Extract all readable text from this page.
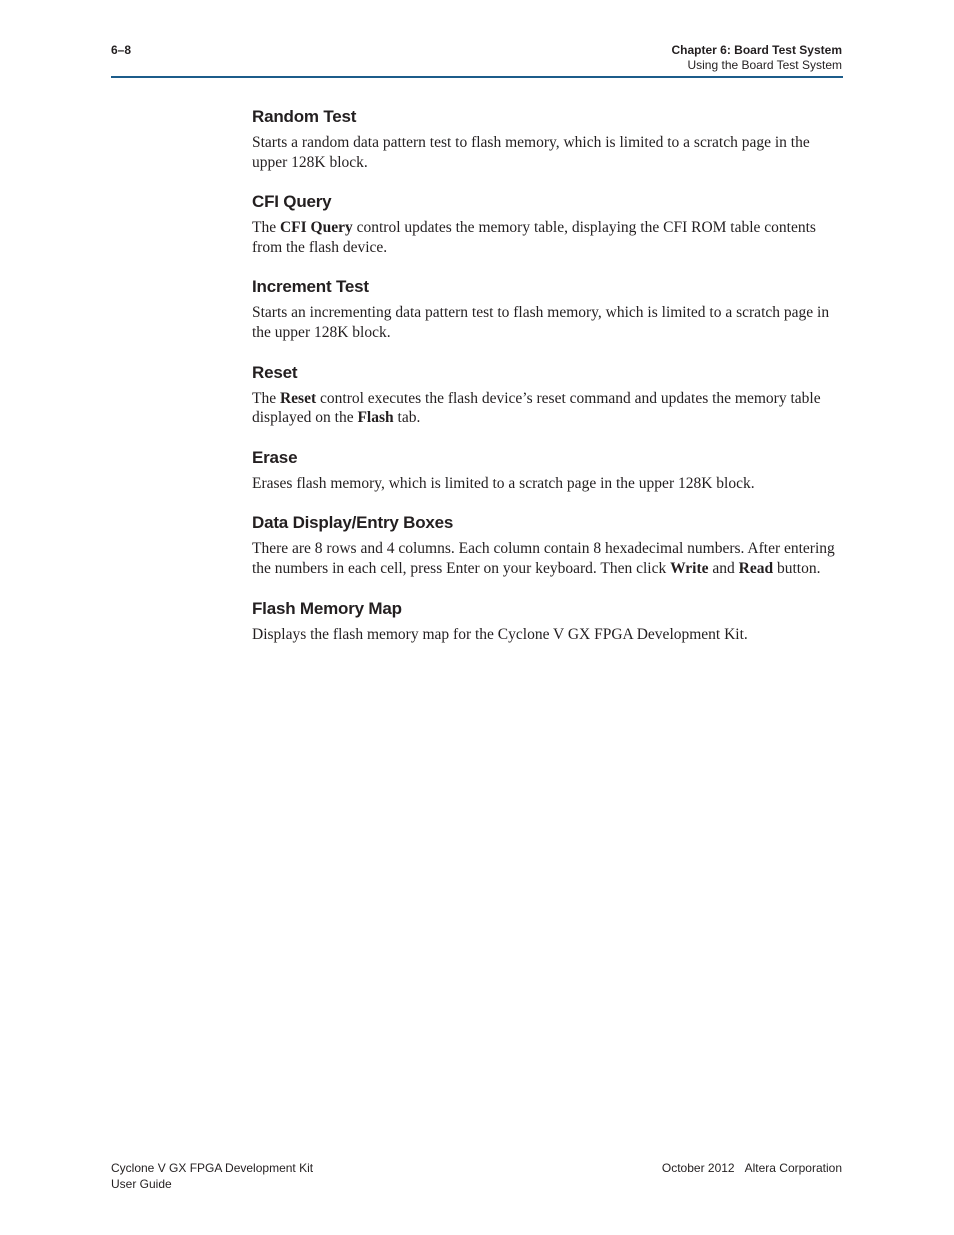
6–8	Chapter 6: Board Test System
Using the Board Test System
Random Test

Starts a random data pattern test to flash memory, which is limited to a scratch page in the upper 128K block.

CFI Query

The CFI Query control updates the memory table, displaying the CFI ROM table contents from the flash device.

Increment Test

Starts an incrementing data pattern test to flash memory, which is limited to a scratch page in the upper 128K block.

Reset

The Reset control executes the flash device’s reset command and updates the memory table displayed on the Flash tab.

Erase

Erases flash memory, which is limited to a scratch page in the upper 128K block.

Data Display/Entry Boxes

There are 8 rows and 4 columns. Each column contain 8 hexadecimal numbers. After entering the numbers in each cell, press Enter on your keyboard. Then click Write and Read button.

Flash Memory Map

Displays the flash memory map for the Cyclone V GX FPGA Development Kit.

Cyclone V GX FPGA Development Kit
User Guide
October 2012 Altera Corporation
